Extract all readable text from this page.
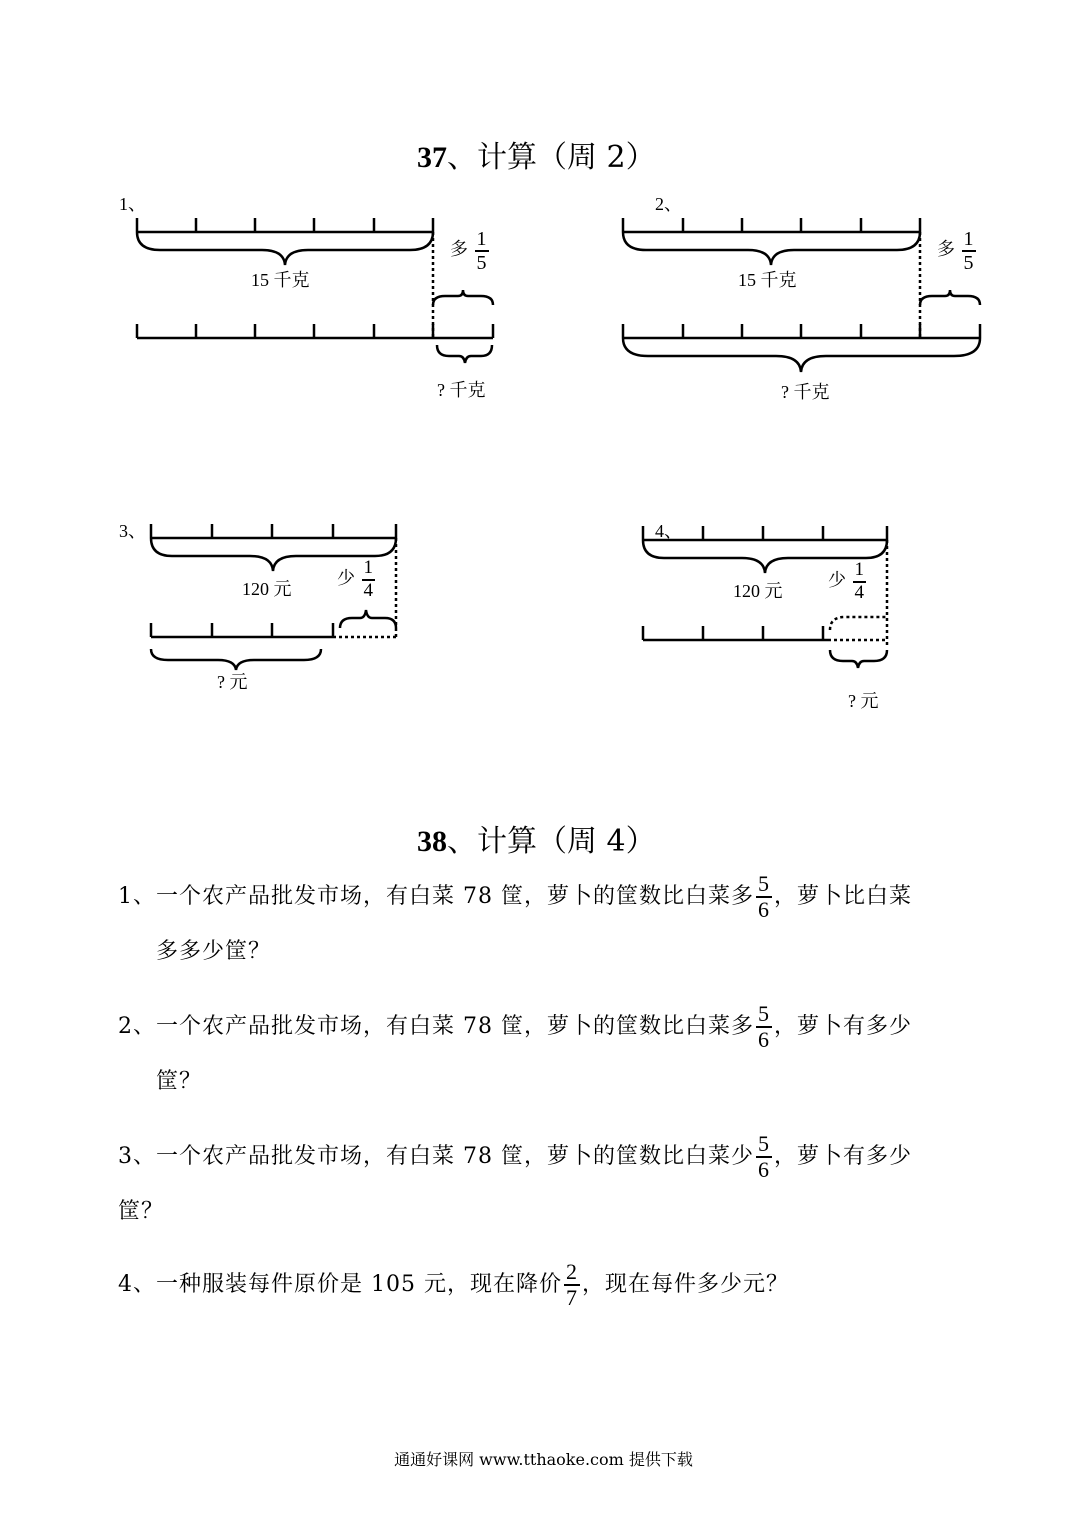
37、计算（周 2）
1、
15 千克
多 $\frac{1}{5}$
? 千克
2、
15 千克
多 $\frac{1}{5}$
? 千克
3、
120 元
少 $\frac{1}{4}$
? 元
4、
120 元
少 $\frac{1}{4}$
? 元
38、计算（周 4）
1、一个农产品批发市场，有白菜 78 筐，萝卜的筐数比白菜多 $\frac{5}{6}$ ，萝卜比白菜
多多少筐？
2、一个农产品批发市场，有白菜 78 筐，萝卜的筐数比白菜多 $\frac{5}{6}$ ，萝卜有多少
筐？
3、一个农产品批发市场，有白菜 78 筐，萝卜的筐数比白菜少 $\frac{5}{6}$ ，萝卜有多少
筐？
4、一种服装每件原价是 105 元，现在降价 $\frac{2}{7}$ ，现在每件多少元？
通通好课网 www.tthaoke.com 提供下载
